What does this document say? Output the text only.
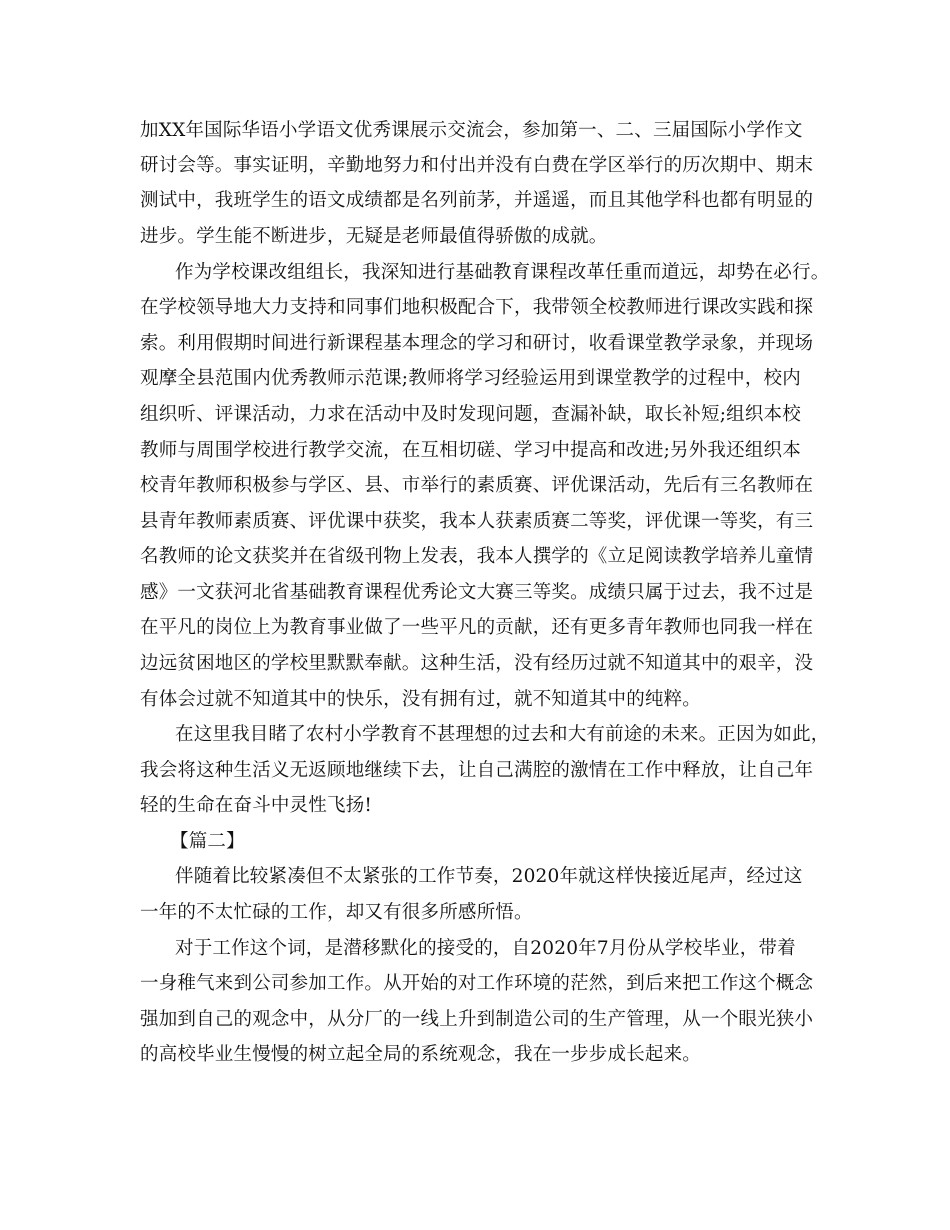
加XX年国际华语小学语文优秀课展示交流会，参加第一、二、三届国际小学作文
研讨会等。事实证明，辛勤地努力和付出并没有白费在学区举行的历次期中、期末
测试中，我班学生的语文成绩都是名列前茅，并遥遥，而且其他学科也都有明显的
进步。学生能不断进步，无疑是老师最值得骄傲的成就。
作为学校课改组组长，我深知进行基础教育课程改革任重而道远，却势在必行。
在学校领导地大力支持和同事们地积极配合下，我带领全校教师进行课改实践和探
索。利用假期时间进行新课程基本理念的学习和研讨，收看课堂教学录象，并现场
观摩全县范围内优秀教师示范课;教师将学习经验运用到课堂教学的过程中，校内
组织听、评课活动，力求在活动中及时发现问题，查漏补缺，取长补短;组织本校
教师与周围学校进行教学交流，在互相切磋、学习中提高和改进;另外我还组织本
校青年教师积极参与学区、县、市举行的素质赛、评优课活动，先后有三名教师在
县青年教师素质赛、评优课中获奖，我本人获素质赛二等奖，评优课一等奖，有三
名教师的论文获奖并在省级刊物上发表，我本人撰学的《立足阅读教学培养儿童情
感》一文获河北省基础教育课程优秀论文大赛三等奖。成绩只属于过去，我不过是
在平凡的岗位上为教育事业做了一些平凡的贡献，还有更多青年教师也同我一样在
边远贫困地区的学校里默默奉献。这种生活，没有经历过就不知道其中的艰辛，没
有体会过就不知道其中的快乐，没有拥有过，就不知道其中的纯粹。
在这里我目睹了农村小学教育不甚理想的过去和大有前途的未来。正因为如此，
我会将这种生活义无返顾地继续下去，让自己满腔的激情在工作中释放，让自己年
轻的生命在奋斗中灵性飞扬!
【篇二】
伴随着比较紧凑但不太紧张的工作节奏，2020年就这样快接近尾声，经过这
一年的不太忙碌的工作，却又有很多所感所悟。
对于工作这个词，是潜移默化的接受的，自2020年7月份从学校毕业，带着
一身稚气来到公司参加工作。从开始的对工作环境的茫然，到后来把工作这个概念
强加到自己的观念中，从分厂的一线上升到制造公司的生产管理，从一个眼光狭小
的高校毕业生慢慢的树立起全局的系统观念，我在一步步成长起来。
